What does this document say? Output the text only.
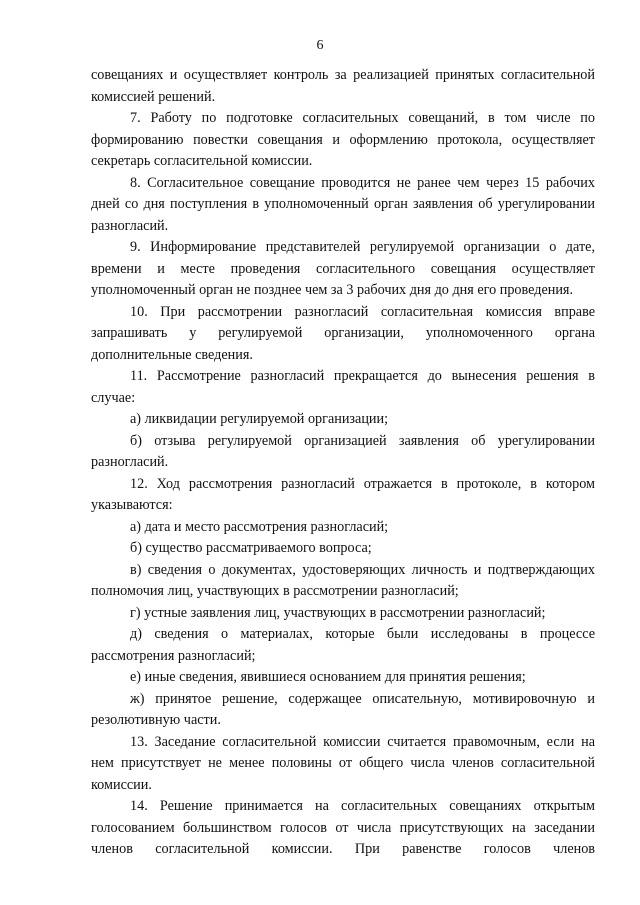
6

совещаниях и осуществляет контроль за реализацией принятых согласительной комиссией решений.

7. Работу по подготовке согласительных совещаний, в том числе по формированию повестки совещания и оформлению протокола, осуществляет секретарь согласительной комиссии.

8. Согласительное совещание проводится не ранее чем через 15 рабочих дней со дня поступления в уполномоченный орган заявления об урегулировании разногласий.

9. Информирование представителей регулируемой организации о дате, времени и месте проведения согласительного совещания осуществляет уполномоченный орган не позднее чем за 3 рабочих дня до дня его проведения.

10. При рассмотрении разногласий согласительная комиссия вправе запрашивать у регулируемой организации, уполномоченного органа дополнительные сведения.

11. Рассмотрение разногласий прекращается до вынесения решения в случае:

а) ликвидации регулируемой организации;

б) отзыва регулируемой организацией заявления об урегулировании разногласий.

12. Ход рассмотрения разногласий отражается в протоколе, в котором указываются:

а) дата и место рассмотрения разногласий;

б) существо рассматриваемого вопроса;

в) сведения о документах, удостоверяющих личность и подтверждающих полномочия лиц, участвующих в рассмотрении разногласий;

г) устные заявления лиц, участвующих в рассмотрении разногласий;

д) сведения о материалах, которые были исследованы в процессе рассмотрения разногласий;

е) иные сведения, явившиеся основанием для принятия решения;

ж) принятое решение, содержащее описательную, мотивировочную и резолютивную части.

13. Заседание согласительной комиссии считается правомочным, если на нем присутствует не менее половины от общего числа членов согласительной комиссии.

14. Решение принимается на согласительных совещаниях открытым голосованием большинством голосов от числа присутствующих на заседании членов согласительной комиссии. При равенстве голосов членов
